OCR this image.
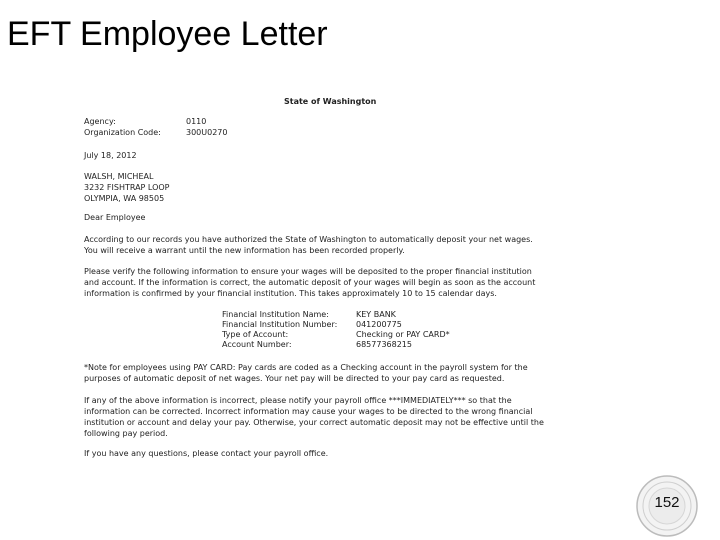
EFT Employee Letter
State of Washington
Agency:	0110
Organization Code:	300U0270
July 18, 2012
WALSH, MICHEAL
3232 FISHTRAP LOOP
OLYMPIA, WA 98505
Dear Employee
According to our records you have authorized the State of Washington to automatically deposit your net wages.
You will receive a warrant until the new information has been recorded properly.
Please verify the following information to ensure your wages will be deposited to the proper financial institution
and account. If the information is correct, the automatic deposit of your wages will begin as soon as the account
information is confirmed by your financial institution. This takes approximately 10 to 15 calendar days.
Financial Institution Name:	KEY BANK
Financial Institution Number: 041200775
Type of Account:	Checking or PAY CARD*
Account Number:	68577368215
*Note for employees using PAY CARD: Pay cards are coded as a Checking account in the payroll system for the
purposes of automatic deposit of net wages. Your net pay will be directed to your pay card as requested.
If any of the above information is incorrect, please notify your payroll office ***IMMEDIATELY*** so that the
information can be corrected. Incorrect information may cause your wages to be directed to the wrong financial
institution or account and delay your pay. Otherwise, your correct automatic deposit may not be effective until the
following pay period.
If you have any questions, please contact your payroll office.
152
